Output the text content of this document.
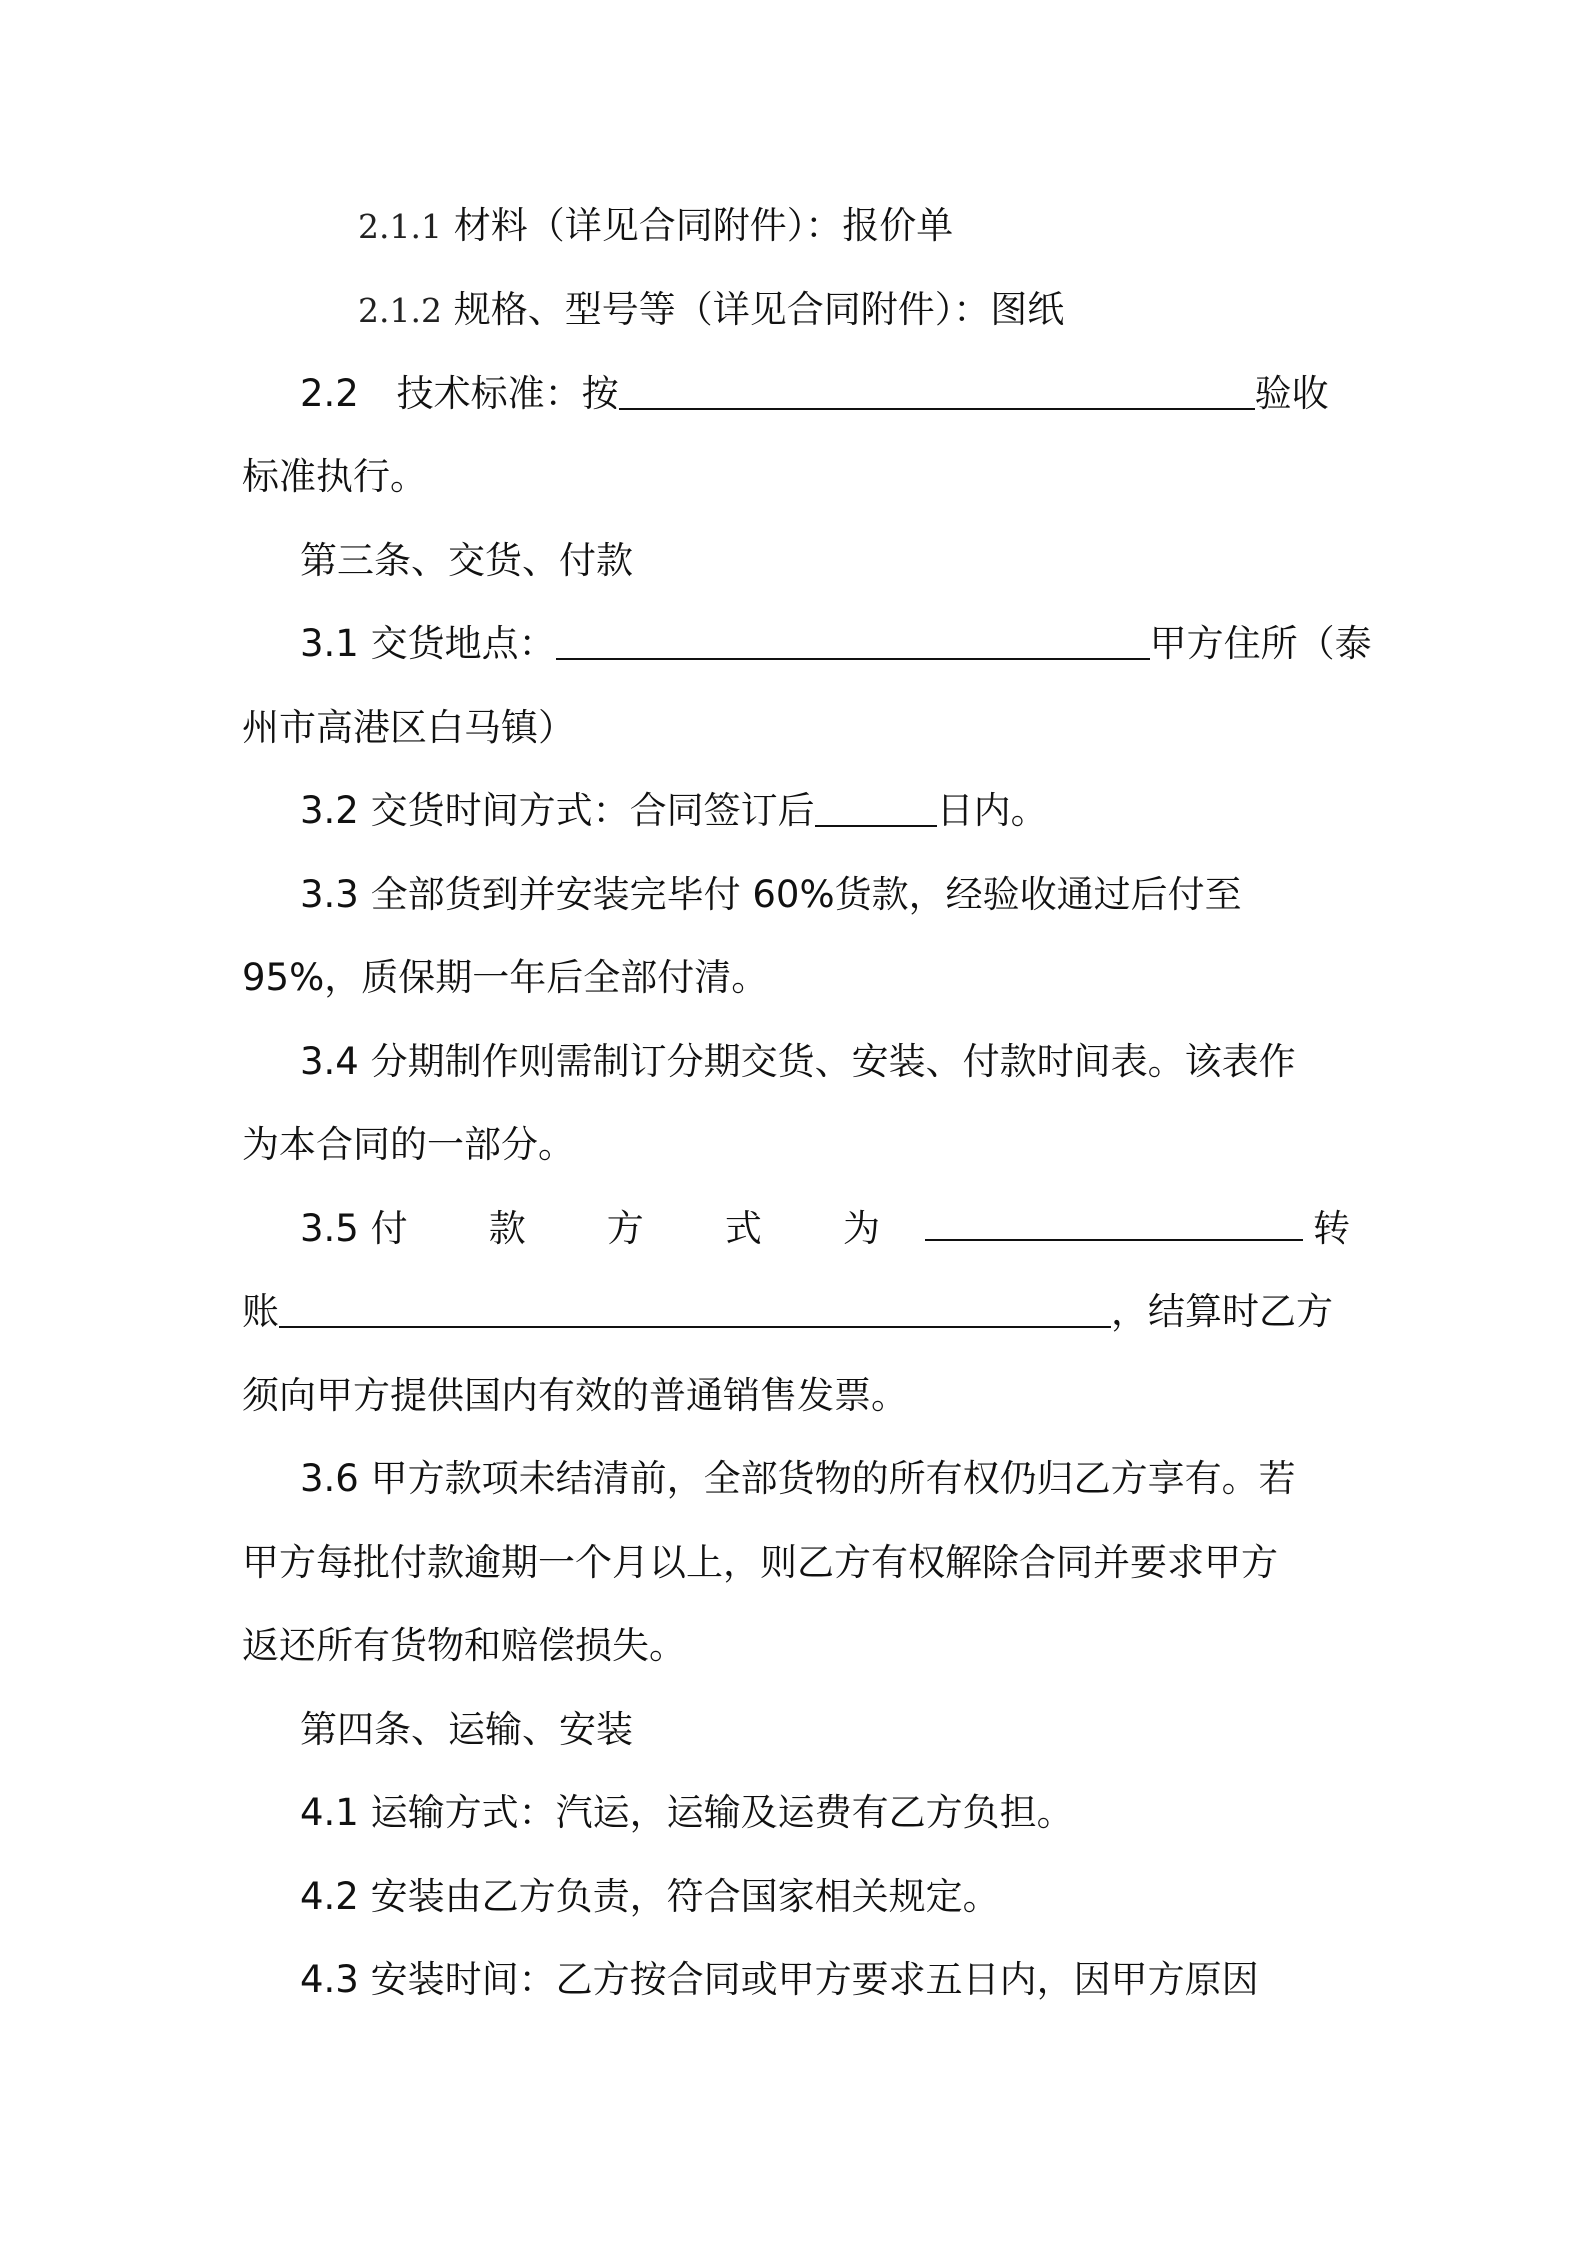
2.1.1 材料（详见合同附件）：报价单
2.1.2 规格、型号等（详见合同附件）：图纸
2.2 技术标准：按	验收
标准执行。
第三条、交货、付款
3.1 交货地点：	甲方住所（泰
州市高港区白马镇）
3.2 交货时间方式：合同签订后	日内。
3.3 全部货到并安装完毕付 60%货款，经验收通过后付至
95%，质保期一年后全部付清。
3.4 分期制作则需制订分期交货、安装、付款时间表。该表作
为本合同的一部分。
3.5 付 款 方 式 为	转
账	，结算时乙方
须向甲方提供国内有效的普通销售发票。
3.6 甲方款项未结清前，全部货物的所有权仍归乙方享有。若
甲方每批付款逾期一个月以上，则乙方有权解除合同并要求甲方
返还所有货物和赔偿损失。
第四条、运输、安装
4.1 运输方式：汽运，运输及运费有乙方负担。
4.2 安装由乙方负责，符合国家相关规定。
4.3 安装时间：乙方按合同或甲方要求五日内，因甲方原因
